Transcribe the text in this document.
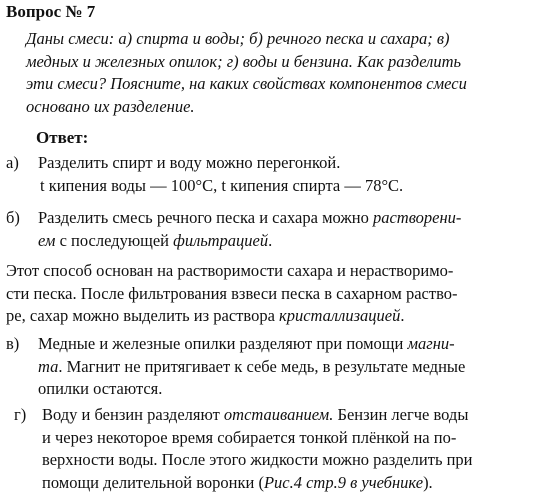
Вопрос № 7
Даны смеси: а) спирта и воды; б) речного песка и сахара; в)
медных и железных опилок; г) воды и бензина. Как разделить
эти смеси? Поясните, на каких свойствах компонентов смеси
основано их разделение.
Ответ:
а) Разделить спирт и воду можно перегонкой.
t кипения воды — 100°С, t кипения спирта — 78°С.
б) Разделить смесь речного песка и сахара можно растворени-
ем с последующей фильтрацией.
Этот способ основан на растворимости сахара и нерастворимо-
сти песка. После фильтрования взвеси песка в сахарном раство-
ре, сахар можно выделить из раствора кристаллизацией.
в) Медные и железные опилки разделяют при помощи магни-
та. Магнит не притягивает к себе медь, в результате медные
опилки остаются.
г) Воду и бензин разделяют отстаиванием. Бензин легче воды
и через некоторое время собирается тонкой плёнкой на по-
верхности воды. После этого жидкости можно разделить при
помощи делительной воронки (Рис.4 стр.9 в учебнике).
